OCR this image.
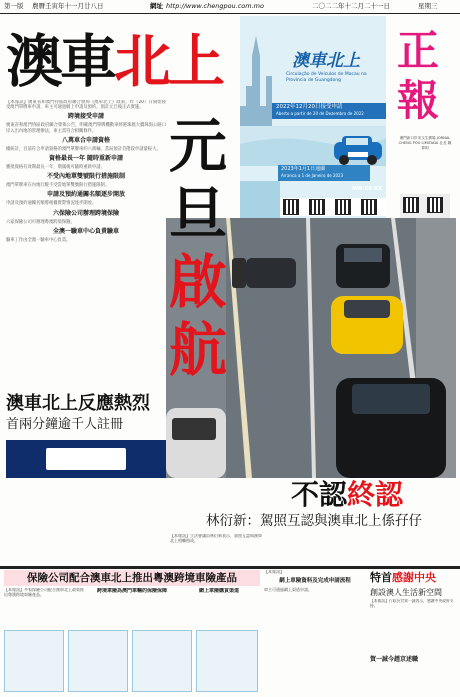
第一版 農曆壬寅年十一月廿八日	網址 http://www.chengpou.com.mo	二〇二二年十二月二十一日	星期三
澳車北上	澳車北上
Circulação de Veículos de Macau na Província de Guangdong
2022年12月20日接受申請
Aberto a partir de 20 de Dezembro de 2022
2023年1月1日通關
Arranca a 1 de Janeiro de 2023
MW·XX·XX
正報
澳門新口岸宋玉生廣場 JORNAL CHENG POU LIMITADA 社長 陳偉明

【本報訊】廣東省和澳門特區政府聯合發佈《澳車北上》政策。昨（20）日開始接受澳門單牌車申請，車主可通過網上申請及預約，預計元旦後正式實施。

跨境接受申請

廣東省和澳門特區政府聯合發佈公告，明確澳門單牌機動車經港珠澳大橋珠海公路口岸入出內地的管理辦法，車主需符合相關條件。

八萬車合申請資格

據統計，目前符合申請資格的澳門單牌車約八萬輛，當局預計首階段申請量較大。

資格最長一年 隨時重新申請

獲批資格有效期最長一年，期滿後可隨時重新申請。

不受內地單雙號限行措施限制

澳門單牌車在內地行駛不受當地單雙號限行措施限制。

申請及預約通關名額逐步開放

申請及預約通關名額將根據實際情況逐步開放。

六保險公司辦理跨境保險

六家保險公司可辦理粵澳跨境保險。

全澳一驗車中心負責驗車

驗車工作由全澳一驗車中心負責。

元
旦
啟
航
澳車北上反應熱烈
首兩分鐘逾千人註冊
不認終認
林衍新：駕照互認與澳車北上係孖仔
【本報訊】立法會議員林衍新表示，駕照互認與澳車北上相輔相成。
保險公司配合澳車北上推出粵澳跨境車險產品

【本報訊】多家保險公司配合澳車北上政策推出粵澳跨境車險產品。

跨境車險為澳門車輛的保險保障	網上車險購買渠道

【本報訊】

網上車險資料及完成申請流程

車主可通過網上渠道申請。

特首感謝中央
創設澳人生活新空間
【本報訊】行政長官賀一誠表示，感謝中央政府支持。
賀一誠今趙京述職
